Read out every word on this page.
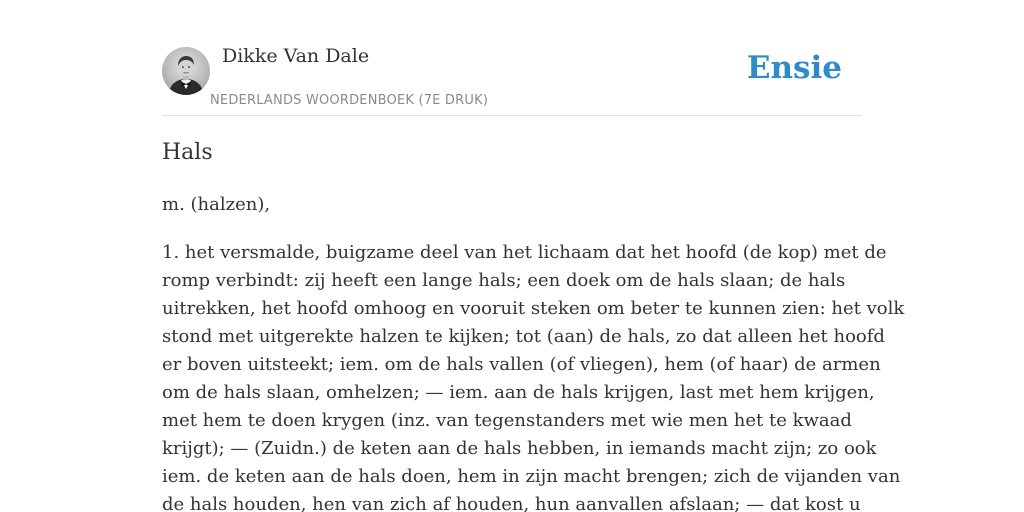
Dikke Van Dale
NEDERLANDS WOORDENBOEK (7E DRUK)
Ensie
Hals
m. (halzen),
1. het versmalde, buigzame deel van het lichaam dat het hoofd (de kop) met de
romp verbindt: zij heeft een lange hals; een doek om de hals slaan; de hals
uitrekken, het hoofd omhoog en vooruit steken om beter te kunnen zien: het volk
stond met uitgerekte halzen te kijken; tot (aan) de hals, zo dat alleen het hoofd
er boven uitsteekt; iem. om de hals vallen (of vliegen), hem (of haar) de armen
om de hals slaan, omhelzen; — iem. aan de hals krijgen, last met hem krijgen,
met hem te doen krygen (inz. van tegenstanders met wie men het te kwaad
krijgt); — (Zuidn.) de keten aan de hals hebben, in iemands macht zijn; zo ook
iem. de keten aan de hals doen, hem in zijn macht brengen; zich de vijanden van
de hals houden, hen van zich af houden, hun aanvallen afslaan; — dat kost u
